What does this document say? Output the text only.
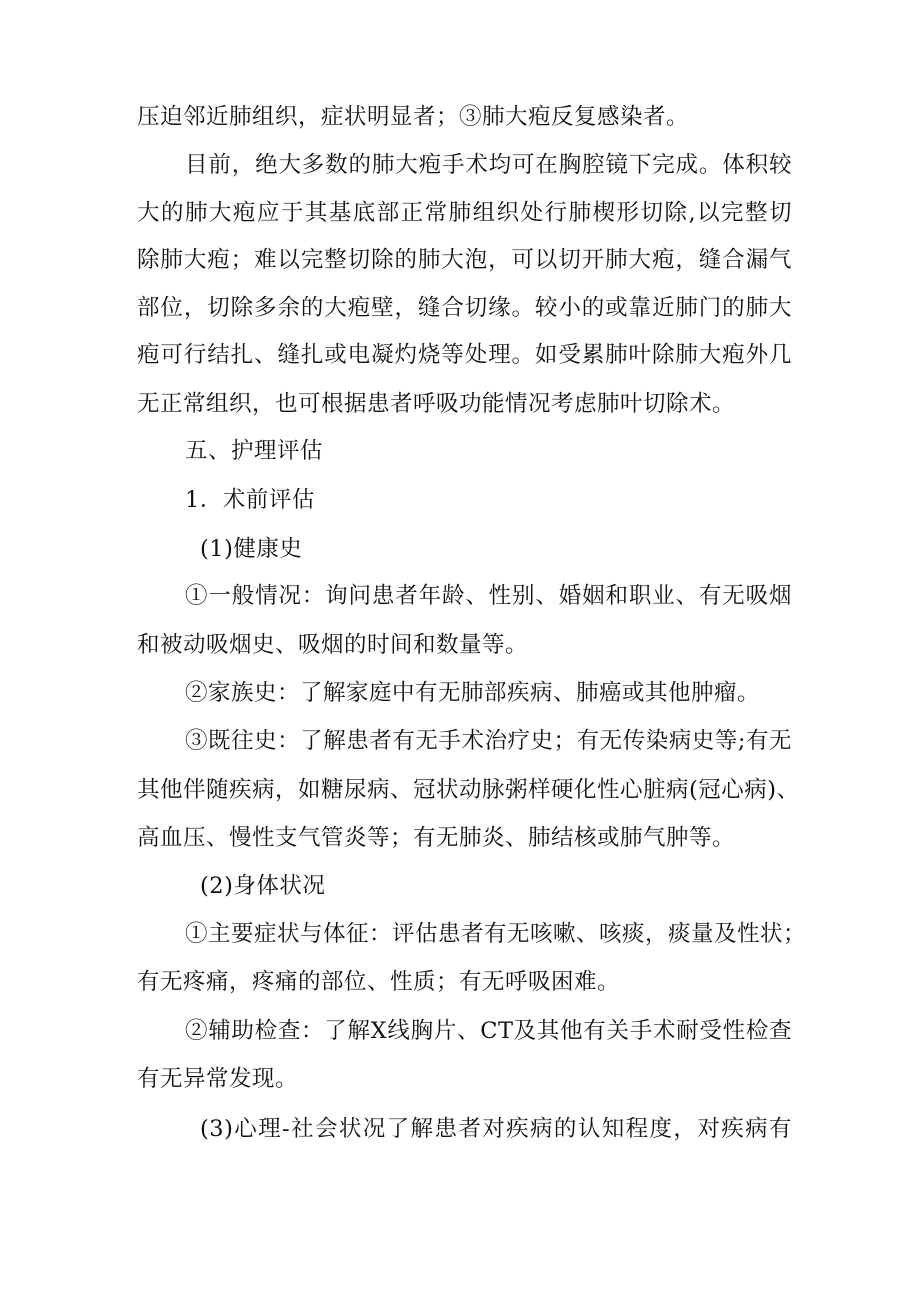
压迫邻近肺组织，症状明显者；③肺大疱反复感染者。
目前，绝大多数的肺大疱手术均可在胸腔镜下完成。体积较
大的肺大疱应于其基底部正常肺组织处行肺楔形切除,以完整切
除肺大疱；难以完整切除的肺大泡，可以切开肺大疱，缝合漏气
部位，切除多余的大疱壁，缝合切缘。较小的或靠近肺门的肺大
疱可行结扎、缝扎或电凝灼烧等处理。如受累肺叶除肺大疱外几
无正常组织，也可根据患者呼吸功能情况考虑肺叶切除术。
五、护理评估
1．术前评估
(1)健康史
①一般情况：询问患者年龄、性别、婚姻和职业、有无吸烟
和被动吸烟史、吸烟的时间和数量等。
②家族史：了解家庭中有无肺部疾病、肺癌或其他肿瘤。
③既往史：了解患者有无手术治疗史；有无传染病史等;有无
其他伴随疾病，如糖尿病、冠状动脉粥样硬化性心脏病(冠心病)、
高血压、慢性支气管炎等；有无肺炎、肺结核或肺气肿等。
(2)身体状况
①主要症状与体征：评估患者有无咳嗽、咳痰，痰量及性状；
有无疼痛，疼痛的部位、性质；有无呼吸困难。
②辅助检查：了解X线胸片、CT及其他有关手术耐受性检查
有无异常发现。
(3)心理-社会状况了解患者对疾病的认知程度，对疾病有
